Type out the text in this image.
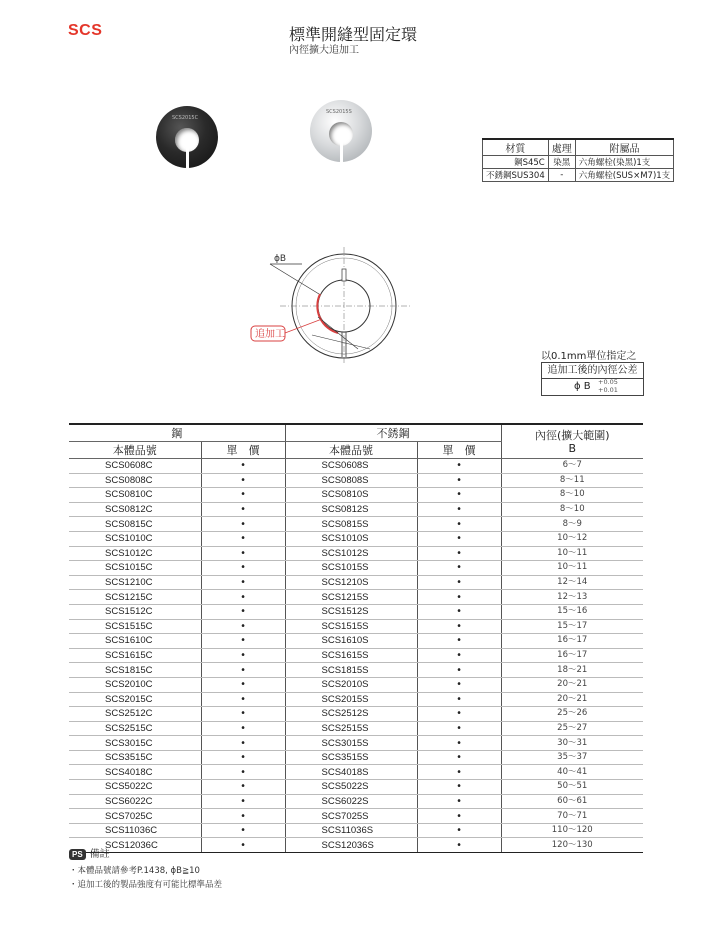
SCS	標準開縫型固定環
內徑擴大追加工
SCS2015C
SCS2015S
材質	處理	附屬品
鋼S45C	染黑	六角螺栓(染黑)1支
不銹鋼SUS304	-	六角螺栓(SUS×M7)1支
ϕB
追加工
以0.1mm單位指定之
追加工後的內徑公差
ϕ B +0.05
+0.01
鋼		不銹鋼		內徑(擴大範圍)
B
本體品號	單　價	本體品號	單　價	
SCS0608C	•	SCS0608S	•	6～7
SCS0808C	•	SCS0808S	•	8～11
SCS0810C	•	SCS0810S	•	8～10
SCS0812C	•	SCS0812S	•	8～10
SCS0815C	•	SCS0815S	•	8～9
SCS1010C	•	SCS1010S	•	10～12
SCS1012C	•	SCS1012S	•	10～11
SCS1015C	•	SCS1015S	•	10～11
SCS1210C	•	SCS1210S	•	12～14
SCS1215C	•	SCS1215S	•	12～13
SCS1512C	•	SCS1512S	•	15～16
SCS1515C	•	SCS1515S	•	15～17
SCS1610C	•	SCS1610S	•	16～17
SCS1615C	•	SCS1615S	•	16～17
SCS1815C	•	SCS1815S	•	18～21
SCS2010C	•	SCS2010S	•	20～21
SCS2015C	•	SCS2015S	•	20～21
SCS2512C	•	SCS2512S	•	25～26
SCS2515C	•	SCS2515S	•	25～27
SCS3015C	•	SCS3015S	•	30～31
SCS3515C	•	SCS3515S	•	35～37
SCS4018C	•	SCS4018S	•	40～41
SCS5022C	•	SCS5022S	•	50～51
SCS6022C	•	SCS6022S	•	60～61
SCS7025C	•	SCS7025S	•	70～71
SCS11036C	•	SCS11036S	•	110～120
SCS12036C	•	SCS12036S	•	120～130
PS 備註
・本體品號請參考P.1438, ϕB≧10
・追加工後的製品強度有可能比標準品差
